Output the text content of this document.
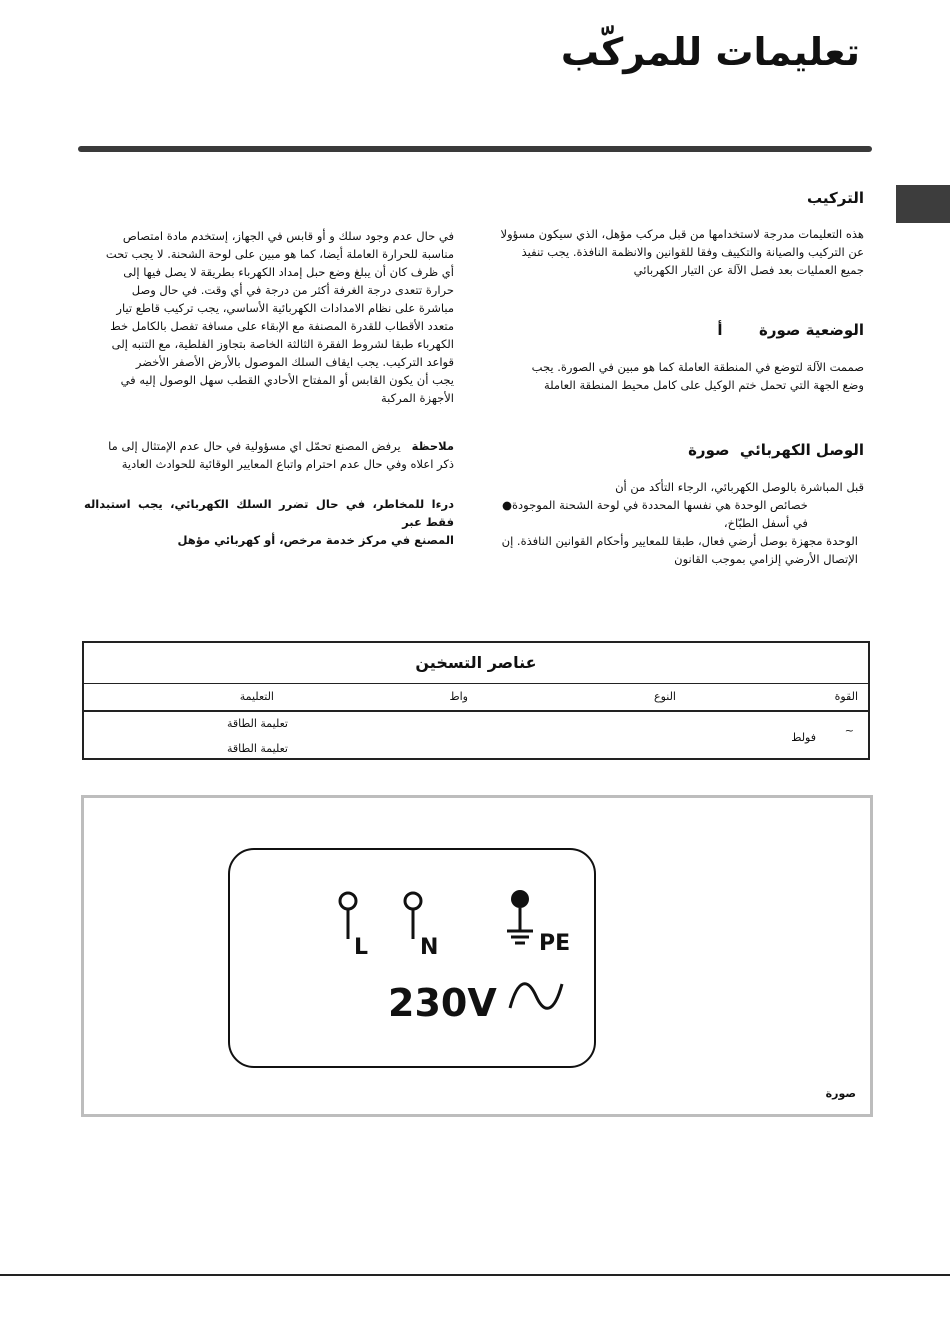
تعليمات للمركّب
التركيب
هذه التعليمات مدرجة لاستخدامها من قبل مركب مؤهل، الذي سيكون مسؤولا
عن التركيب والصيانة والتكييف وفقا للقوانين والانظمة النافذة. يجب تنفيذ
جميع العمليات بعد فصل الآلة عن التيار الكهربائي
الوضعية صورة       أ
صممت الآلة لتوضع في المنطقة العاملة كما هو مبين في الصورة. يجب
وضع الجهة التي تحمل ختم الوكيل على كامل محيط المنطقة العاملة
الوصل الكهربائي  صورة
قبل المباشرة بالوصل الكهربائي، الرجاء التأكد من أن
● خصائص الوحدة هي نفسها المحددة في لوحة الشحنة الموجودة
في أسفل الطبّاخ،
الوحدة مجهزة بوصل أرضي فعال، طبقا للمعايير وأحكام القوانين النافذة. إن
الإتصال الأرضي إلزامي بموجب القانون
في حال عدم وجود سلك و أو قابس في الجهاز، إستخدم مادة امتصاص
مناسبة للحرارة العاملة أيضا، كما هو مبين على لوحة الشحنة. لا يجب تحت
أي ظرف كان أن يبلغ وضع حبل إمداد الكهرباء بطريقة لا يصل فيها إلى
حرارة تتعدى درجة الغرفة أكثر من درجة في أي وقت. في حال وصل
مباشرة على نظام الامدادات الكهربائية الأساسي، يجب تركيب قاطع تيار
متعدد الأقطاب للقدرة المصنفة مع الإبقاء على مسافة تفصل بالكامل خط
الكهرباء طبقا لشروط الفقرة الثالثة الخاصة بتجاوز الفلطية، مع التنبه إلى
قواعد التركيب. يجب ايقاف السلك الموصول بالأرض الأصفر الأخضر
يجب أن يكون القابس أو المفتاح الأحادي القطب سهل الوصول إليه في
الأجهزة المركبة
ملاحظة   يرفض المصنع تحمّل اي مسؤولية في حال عدم الإمتثال إلى ما
ذكر اعلاه وفي حال عدم احترام واتباع المعايير الوقائية للحوادث العادية
درءا للمخاطر، في حال تضرر السلك الكهربائي، يجب استبداله فقط عبر
المصنع في مركز خدمة مرخص، أو كهربائي مؤهل
عناصر التسخين
القوة
النوع
واط
التعليمة
~
فولط
تعليمة الطاقة
تعليمة الطاقة
L N	PE
230V
صورة
